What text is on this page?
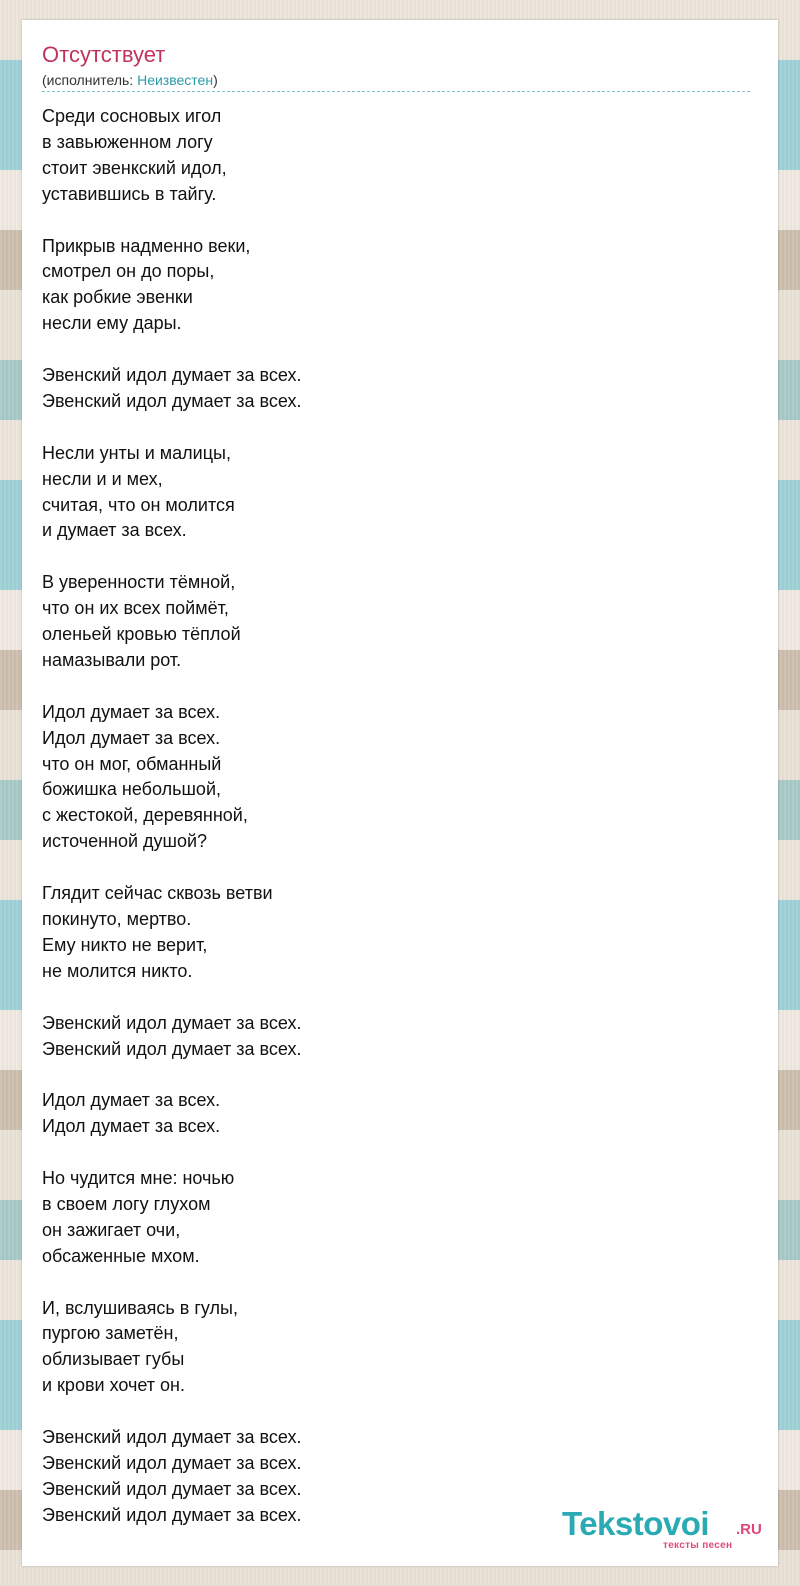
Отсутствует
(исполнитель: Неизвестен)
Среди сосновых игол
в завьюженном логу
стоит эвенкский идол,
уставившись в тайгу.
Прикрыв надменно веки,
смотрел он до поры,
как робкие эвенки
несли ему дары.
Эвенский идол думает за всех.
Эвенский идол думает за всех.
Несли унты и малицы,
несли и и мех,
считая, что он молится
и думает за всех.
В уверенности тёмной,
что он их всех поймёт,
оленьей кровью тёплой
намазывали рот.
Идол думает за всех.
Идол думает за всех.
что он мог, обманный
божишка небольшой,
с жестокой, деревянной,
источенной душой?
Глядит сейчас сквозь ветви
покинуто, мертво.
Ему никто не верит,
не молится никто.
Эвенский идол думает за всех.
Эвенский идол думает за всех.
Идол думает за всех.
Идол думает за всех.
Но чудится мне: ночью
в своем логу глухом
он зажигает очи,
обсаженные мхом.
И, вслушиваясь в гулы,
пургою заметён,
облизывает губы
и крови хочет он.
Эвенский идол думает за всех.
Эвенский идол думает за всех.
Эвенский идол думает за всех.
Эвенский идол думает за всех.	Tekstovoi .RU
тексты песен
